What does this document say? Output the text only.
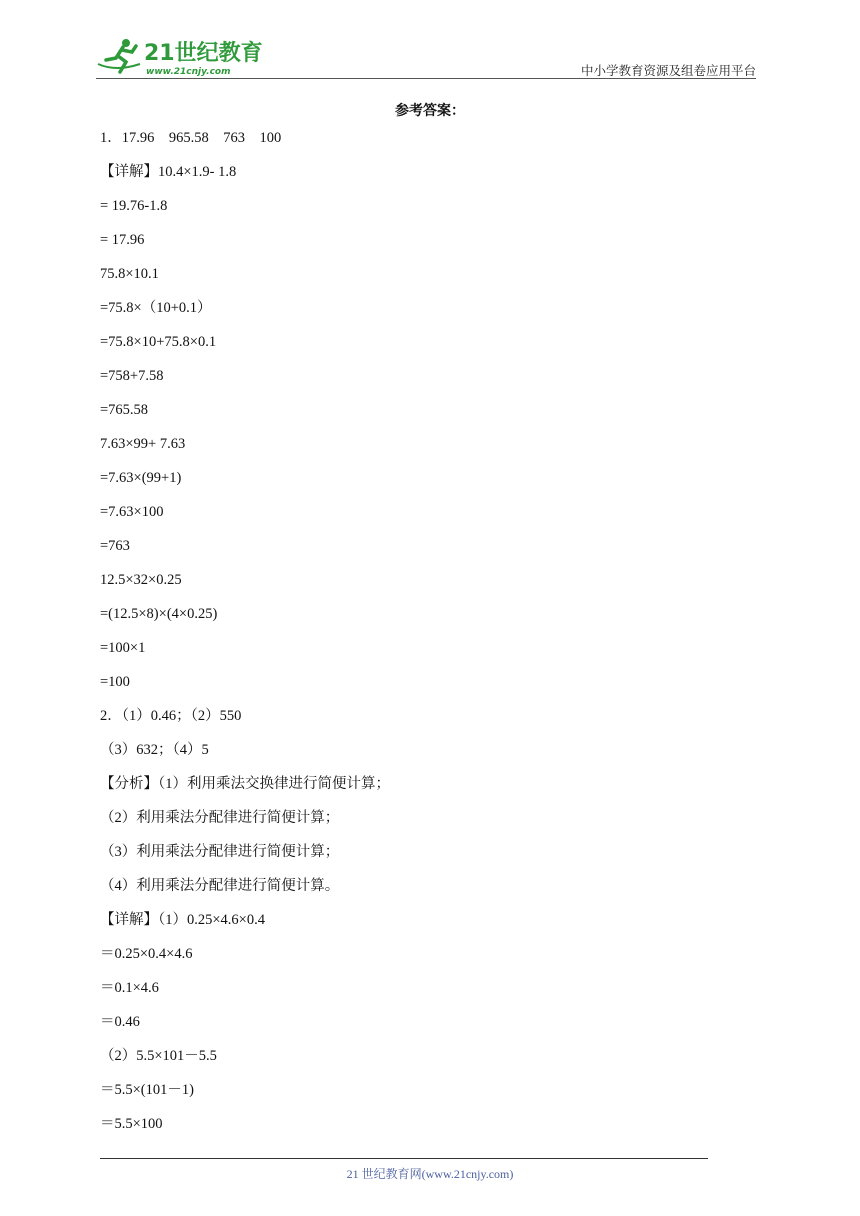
21世纪教育
www.21cnjy.com	中小学教育资源及组卷应用平台
参考答案：
1．17.96    965.58    763    100
【详解】10.4×1.9- 1.8
= 19.76-1.8
= 17.96
75.8×10.1
=75.8×（10+0.1）
=75.8×10+75.8×0.1
=758+7.58
=765.58
7.63×99+ 7.63
=7.63×(99+1)
=7.63×100
=763
12.5×32×0.25
=(12.5×8)×(4×0.25)
=100×1
=100
2．（1）0.46；（2）550
（3）632；（4）5
【分析】（1）利用乘法交换律进行简便计算；
（2）利用乘法分配律进行简便计算；
（3）利用乘法分配律进行简便计算；
（4）利用乘法分配律进行简便计算。
【详解】（1）0.25×4.6×0.4
＝0.25×0.4×4.6
＝0.1×4.6
＝0.46
（2）5.5×101－5.5
＝5.5×(101－1)
＝5.5×100
21 世纪教育网(www.21cnjy.com)
